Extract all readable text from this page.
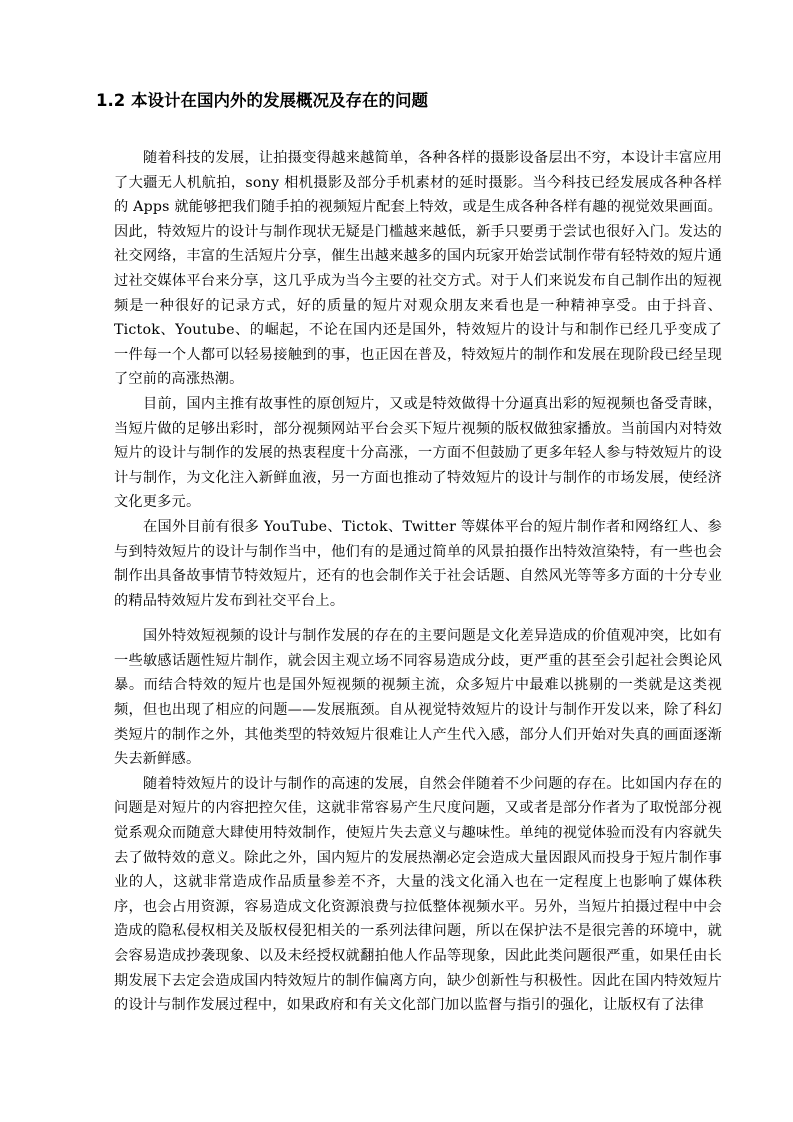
1.2 本设计在国内外的发展概况及存在的问题

随着科技的发展，让拍摄变得越来越简单，各种各样的摄影设备层出不穷，本设计丰富应用了大疆无人机航拍，sony 相机摄影及部分手机素材的延时摄影。当今科技已经发展成各种各样的 Apps 就能够把我们随手拍的视频短片配套上特效，或是生成各种各样有趣的视觉效果画面。因此，特效短片的设计与制作现状无疑是门槛越来越低，新手只要勇于尝试也很好入门。发达的社交网络，丰富的生活短片分享，催生出越来越多的国内玩家开始尝试制作带有轻特效的短片通过社交媒体平台来分享，这几乎成为当今主要的社交方式。对于人们来说发布自己制作出的短视频是一种很好的记录方式，好的质量的短片对观众朋友来看也是一种精神享受。由于抖音、Tictok、Youtube、的崛起，不论在国内还是国外，特效短片的设计与和制作已经几乎变成了一件每一个人都可以轻易接触到的事，也正因在普及，特效短片的制作和发展在现阶段已经呈现了空前的高涨热潮。

目前，国内主推有故事性的原创短片，又或是特效做得十分逼真出彩的短视频也备受青睐，当短片做的足够出彩时，部分视频网站平台会买下短片视频的版权做独家播放。当前国内对特效短片的设计与制作的发展的热衷程度十分高涨，一方面不但鼓励了更多年轻人参与特效短片的设计与制作，为文化注入新鲜血液，另一方面也推动了特效短片的设计与制作的市场发展，使经济文化更多元。

在国外目前有很多 YouTube、Tictok、Twitter 等媒体平台的短片制作者和网络红人、参与到特效短片的设计与制作当中，他们有的是通过简单的风景拍摄作出特效渲染特，有一些也会制作出具备故事情节特效短片，还有的也会制作关于社会话题、自然风光等等多方面的十分专业的精品特效短片发布到社交平台上。

国外特效短视频的设计与制作发展的存在的主要问题是文化差异造成的价值观冲突，比如有一些敏感话题性短片制作，就会因主观立场不同容易造成分歧，更严重的甚至会引起社会舆论风暴。而结合特效的短片也是国外短视频的视频主流，众多短片中最难以挑剔的一类就是这类视频，但也出现了相应的问题——发展瓶颈。自从视觉特效短片的设计与制作开发以来，除了科幻类短片的制作之外，其他类型的特效短片很难让人产生代入感，部分人们开始对失真的画面逐渐失去新鲜感。

随着特效短片的设计与制作的高速的发展，自然会伴随着不少问题的存在。比如国内存在的问题是对短片的内容把控欠佳，这就非常容易产生尺度问题，又或者是部分作者为了取悦部分视觉系观众而随意大肆使用特效制作，使短片失去意义与趣味性。单纯的视觉体验而没有内容就失去了做特效的意义。除此之外，国内短片的发展热潮必定会造成大量因跟风而投身于短片制作事业的人，这就非常造成作品质量参差不齐，大量的浅文化涌入也在一定程度上也影响了媒体秩序，也会占用资源，容易造成文化资源浪费与拉低整体视频水平。另外，当短片拍摄过程中中会造成的隐私侵权相关及版权侵犯相关的一系列法律问题，所以在保护法不是很完善的环境中，就会容易造成抄袭现象、以及未经授权就翻拍他人作品等现象，因此此类问题很严重，如果任由长期发展下去定会造成国内特效短片的制作偏离方向，缺少创新性与积极性。因此在国内特效短片的设计与制作发展过程中，如果政府和有关文化部门加以监督与指引的强化，让版权有了法律
